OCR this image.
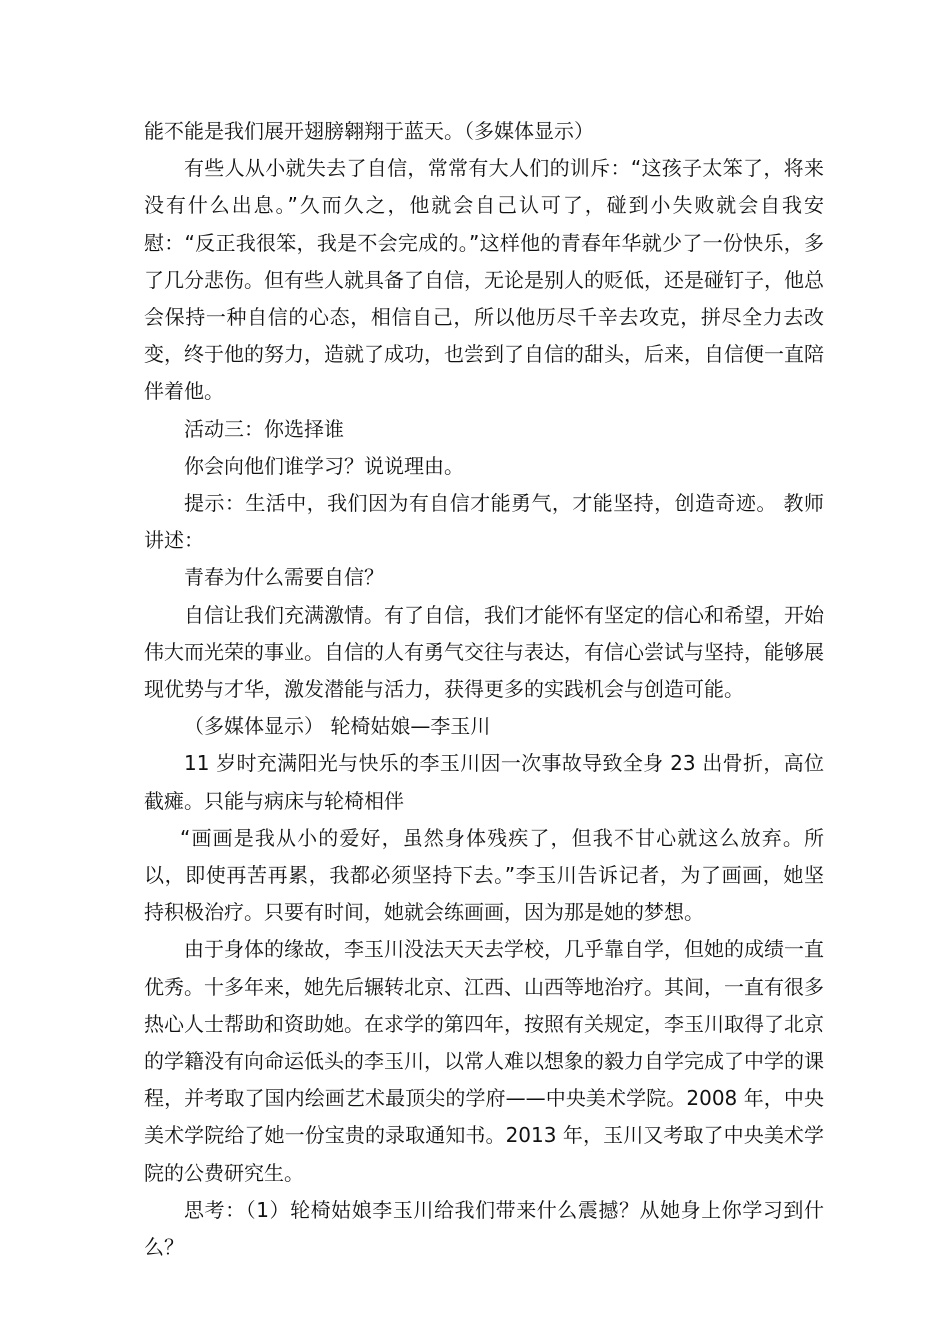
能不能是我们展开翅膀翱翔于蓝天。（多媒体显示）

有些人从小就失去了自信，常常有大人们的训斥：“这孩子太笨了，将来没有什么出息。”久而久之，他就会自己认可了，碰到小失败就会自我安慰：“反正我很笨，我是不会完成的。”这样他的青春年华就少了一份快乐，多了几分悲伤。但有些人就具备了自信，无论是别人的贬低，还是碰钉子，他总会保持一种自信的心态，相信自己，所以他历尽千辛去攻克，拼尽全力去改变，终于他的努力，造就了成功，也尝到了自信的甜头，后来，自信便一直陪伴着他。

活动三：你选择谁

你会向他们谁学习？说说理由。

提示：生活中，我们因为有自信才能勇气，才能坚持，创造奇迹。 教师讲述：

青春为什么需要自信？

自信让我们充满激情。有了自信，我们才能怀有坚定的信心和希望，开始伟大而光荣的事业。自信的人有勇气交往与表达，有信心尝试与坚持，能够展现优势与才华，激发潜能与活力，获得更多的实践机会与创造可能。

（多媒体显示） 轮椅姑娘—李玉川

11 岁时充满阳光与快乐的李玉川因一次事故导致全身 23 出骨折，高位截瘫。只能与病床与轮椅相伴

“画画是我从小的爱好，虽然身体残疾了，但我不甘心就这么放弃。所以，即使再苦再累，我都必须坚持下去。”李玉川告诉记者，为了画画，她坚持积极治疗。只要有时间，她就会练画画，因为那是她的梦想。

由于身体的缘故，李玉川没法天天去学校，几乎靠自学，但她的成绩一直优秀。十多年来，她先后辗转北京、江西、山西等地治疗。其间，一直有很多热心人士帮助和资助她。在求学的第四年，按照有关规定，李玉川取得了北京的学籍没有向命运低头的李玉川，以常人难以想象的毅力自学完成了中学的课程，并考取了国内绘画艺术最顶尖的学府——中央美术学院。2008 年，中央美术学院给了她一份宝贵的录取通知书。2013 年，玉川又考取了中央美术学院的公费研究生。

思考：（1）轮椅姑娘李玉川给我们带来什么震撼？从她身上你学习到什么？
